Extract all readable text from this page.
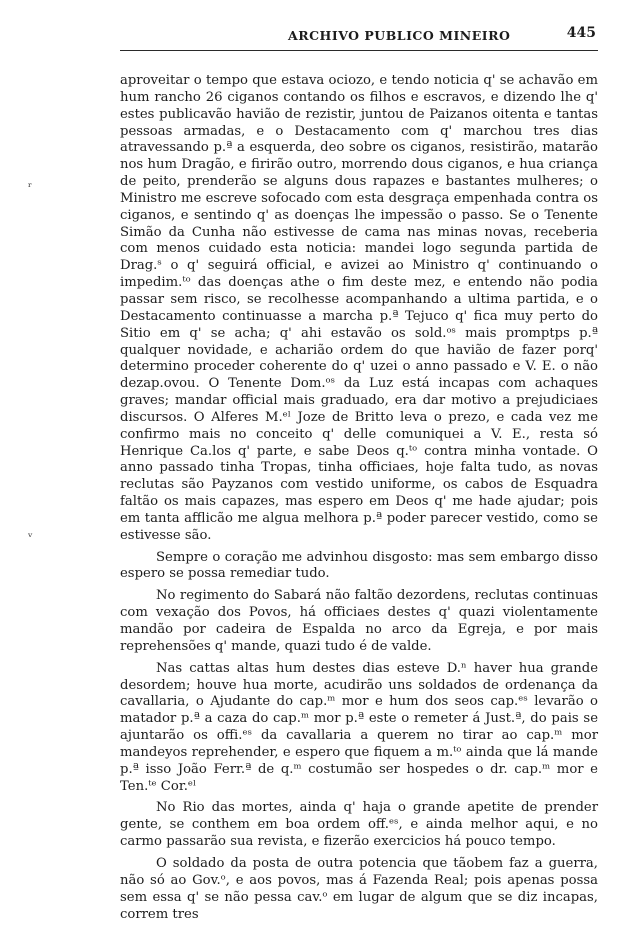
ARCHIVO PUBLICO MINEIRO	445
ʳ
ᵛ

aproveitar o tempo que estava ociozo, e tendo noticia q' se achavão em hum rancho 26 ciganos contando os filhos e escravos, e dizendo lhe q' estes publicavão havião de rezistir, juntou de Paizanos oitenta e tantas pessoas armadas, e o Destacamento com q' marchou tres dias atravessando p.ª a esquerda, deo sobre os ciganos, resistirão, matarão nos hum Dragão, e firirão outro, morrendo dous ciganos, e hua criança de peito, prenderão se alguns dous rapazes e bastantes mulheres; o Ministro me escreve sofocado com esta desgraça empenhada contra os ciganos, e sentindo q' as doenças lhe impessão o passo. Se o Tenente Simão da Cunha não estivesse de cama nas minas novas, receberia com menos cuidado esta noticia: mandei logo segunda partida de Drag.ˢ o q' seguirá official, e avizei ao Ministro q' continuando o impedim.ᵗᵒ das doenças athe o fim deste mez, e entendo não podia passar sem risco, se recolhesse acompanhando a ultima partida, e o Destacamento continuasse a marcha p.ª Tejuco q' fica muy perto do Sitio em q' se acha; q' ahi estavão os sold.ᵒˢ mais promptps p.ª qualquer novidade, e acharião ordem do que havião de fazer porq' determino proceder coherente do q' uzei o anno passado e V. E. o não dezap.ovou. O Tenente Dom.ᵒˢ da Luz está incapas com achaques graves; mandar official mais graduado, era dar motivo a prejudiciaes discursos. O Alferes M.ᵉˡ Joze de Britto leva o prezo, e cada vez me confirmo mais no conceito q' delle comuniquei a V. E., resta só Henrique Ca.los q' parte, e sabe Deos q.ᵗᵒ contra minha vontade. O anno passado tinha Tropas, tinha officiaes, hoje falta tudo, as novas reclutas são Payzanos com vestido uniforme, os cabos de Esquadra faltão os mais capazes, mas espero em Deos q' me hade ajudar; pois em tanta afflicão me algua melhora p.ª poder parecer vestido, como se estivesse são.

Sempre o coração me advinhou disgosto: mas sem embargo disso espero se possa remediar tudo.

No regimento do Sabará não faltão dezordens, reclutas continuas com vexação dos Povos, há officiaes destes q' quazi violentamente mandão por cadeira de Espalda no arco da Egreja, e por mais reprehensões q' mande, quazi tudo é de valde.

Nas cattas altas hum destes dias esteve D.ⁿ haver hua grande desordem; houve hua morte, acudirão uns soldados de ordenança da cavallaria, o Ajudante do cap.ᵐ mor e hum dos seos cap.ᵉˢ levarão o matador p.ª a caza do cap.ᵐ mor p.ª este o remeter á Just.ª, do pais se ajuntarão os offi.ᵉˢ da cavallaria a querem no tirar ao cap.ᵐ mor mandeyos reprehender, e espero que fiquem a m.ᵗᵒ ainda que lá mande p.ª isso João Ferr.ª de q.ᵐ costumão ser hospedes o dr. cap.ᵐ mor e Ten.ᵗᵉ Cor.ᵉˡ

No Rio das mortes, ainda q' haja o grande apetite de prender gente, se conthem em boa ordem off.ᵉˢ, e ainda melhor aqui, e no carmo passarão sua revista, e fizerão exercicios há pouco tempo.

O soldado da posta de outra potencia que tãobem faz a guerra, não só ao Gov.ᵒ, e aos povos, mas á Fazenda Real; pois apenas possa sem essa q' se não pessa cav.ᵒ em lugar de algum que se diz incapas, correm tres
